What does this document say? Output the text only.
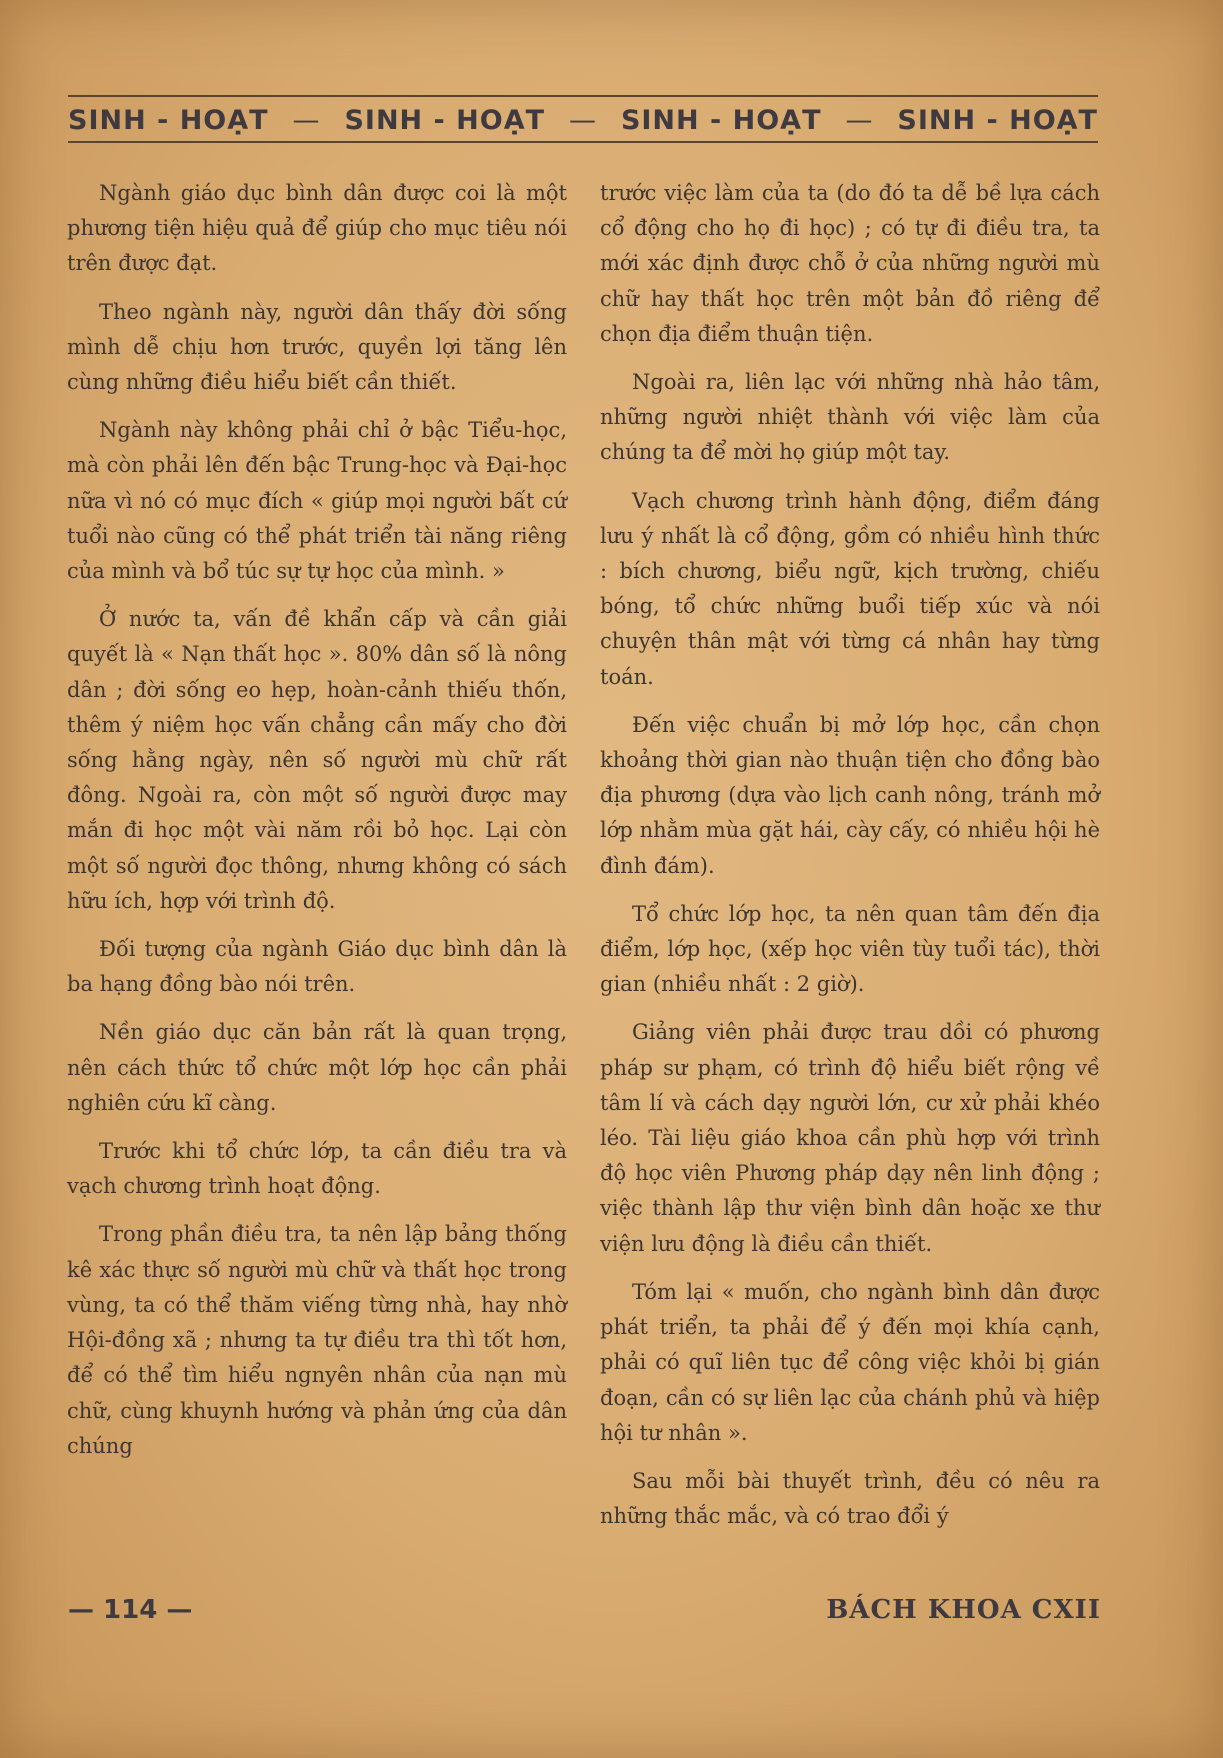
SINH - HOẠT — SINH - HOẠT — SINH - HOẠT — SINH - HOẠT

Ngành giáo dục bình dân được coi là một phương tiện hiệu quả để giúp cho mục tiêu nói trên được đạt.

Theo ngành này, người dân thấy đời sống mình dễ chịu hơn trước, quyền lợi tăng lên cùng những điều hiểu biết cần thiết.

Ngành này không phải chỉ ở bậc Tiểu-học, mà còn phải lên đến bậc Trung-học và Đại-học nữa vì nó có mục đích « giúp mọi người bất cứ tuổi nào cũng có thể phát triển tài năng riêng của mình và bổ túc sự tự học của mình. »

Ở nước ta, vấn đề khẩn cấp và cần giải quyết là « Nạn thất học ». 80% dân số là nông dân ; đời sống eo hẹp, hoàn-cảnh thiếu thốn, thêm ý niệm học vấn chẳng cần mấy cho đời sống hằng ngày, nên số người mù chữ rất đông. Ngoài ra, còn một số người được may mắn đi học một vài năm rồi bỏ học. Lại còn một số người đọc thông, nhưng không có sách hữu ích, hợp với trình độ.

Đối tượng của ngành Giáo dục bình dân là ba hạng đồng bào nói trên.

Nền giáo dục căn bản rất là quan trọng, nên cách thức tổ chức một lớp học cần phải nghiên cứu kĩ càng.

Trước khi tổ chức lớp, ta cần điều tra và vạch chương trình hoạt động.

Trong phần điều tra, ta nên lập bảng thống kê xác thực số người mù chữ và thất học trong vùng, ta có thể thăm viếng từng nhà, hay nhờ Hội-đồng xã ; nhưng ta tự điều tra thì tốt hơn, để có thể tìm hiểu ngnyên nhân của nạn mù chữ, cùng khuynh hướng và phản ứng của dân chúng

trước việc làm của ta (do đó ta dễ bề lựa cách cổ động cho họ đi học) ; có tự đi điều tra, ta mới xác định được chỗ ở của những người mù chữ hay thất học trên một bản đồ riêng để chọn địa điểm thuận tiện.

Ngoài ra, liên lạc với những nhà hảo tâm, những người nhiệt thành với việc làm của chúng ta để mời họ giúp một tay.

Vạch chương trình hành động, điểm đáng lưu ý nhất là cổ động, gồm có nhiều hình thức : bích chương, biểu ngữ, kịch trường, chiếu bóng, tổ chức những buổi tiếp xúc và nói chuyện thân mật với từng cá nhân hay từng toán.

Đến việc chuẩn bị mở lớp học, cần chọn khoảng thời gian nào thuận tiện cho đồng bào địa phương (dựa vào lịch canh nông, tránh mở lớp nhằm mùa gặt hái, cày cấy, có nhiều hội hè đình đám).

Tổ chức lớp học, ta nên quan tâm đến địa điểm, lớp học, (xếp học viên tùy tuổi tác), thời gian (nhiều nhất : 2 giờ).

Giảng viên phải được trau dồi có phương pháp sư phạm, có trình độ hiểu biết rộng về tâm lí và cách dạy người lớn, cư xử phải khéo léo. Tài liệu giáo khoa cần phù hợp với trình độ học viên Phương pháp dạy nên linh động ; việc thành lập thư viện bình dân hoặc xe thư viện lưu động là điều cần thiết.

Tóm lại « muốn, cho ngành bình dân được phát triển, ta phải để ý đến mọi khía cạnh, phải có quĩ liên tục để công việc khỏi bị gián đoạn, cần có sự liên lạc của chánh phủ và hiệp hội tư nhân ».

Sau mỗi bài thuyết trình, đều có nêu ra những thắc mắc, và có trao đổi ý

— 114 —	BÁCH KHOA CXII
